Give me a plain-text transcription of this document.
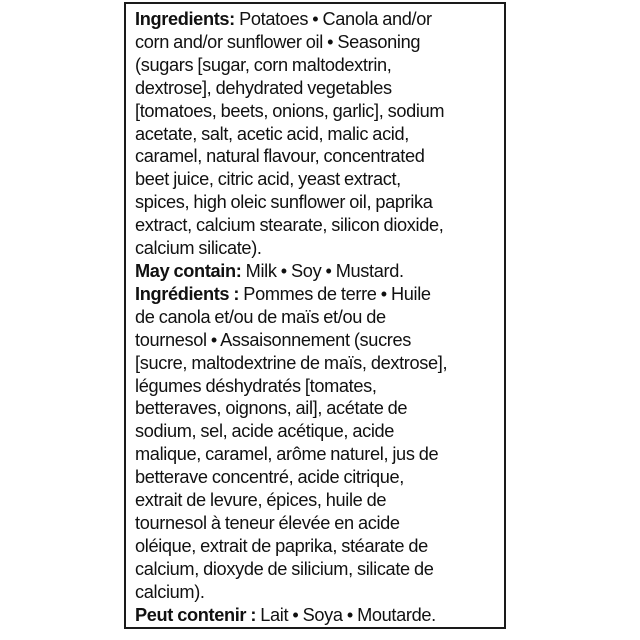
Ingredients: Potatoes • Canola and/or
corn and/or sunflower oil • Seasoning
(sugars [sugar, corn maltodextrin,
dextrose], dehydrated vegetables
[tomatoes, beets, onions, garlic], sodium
acetate, salt, acetic acid, malic acid,
caramel, natural flavour, concentrated
beet juice, citric acid, yeast extract,
spices, high oleic sunflower oil, paprika
extract, calcium stearate, silicon dioxide,
calcium silicate).
May contain: Milk • Soy • Mustard.
Ingrédients : Pommes de terre • Huile
de canola et/ou de maïs et/ou de
tournesol • Assaisonnement (sucres
[sucre, maltodextrine de maïs, dextrose],
légumes déshydratés [tomates,
betteraves, oignons, ail], acétate de
sodium, sel, acide acétique, acide
malique, caramel, arôme naturel, jus de
betterave concentré, acide citrique,
extrait de levure, épices, huile de
tournesol à teneur élevée en acide
oléique, extrait de paprika, stéarate de
calcium, dioxyde de silicium, silicate de
calcium).
Peut contenir : Lait • Soya • Moutarde.
